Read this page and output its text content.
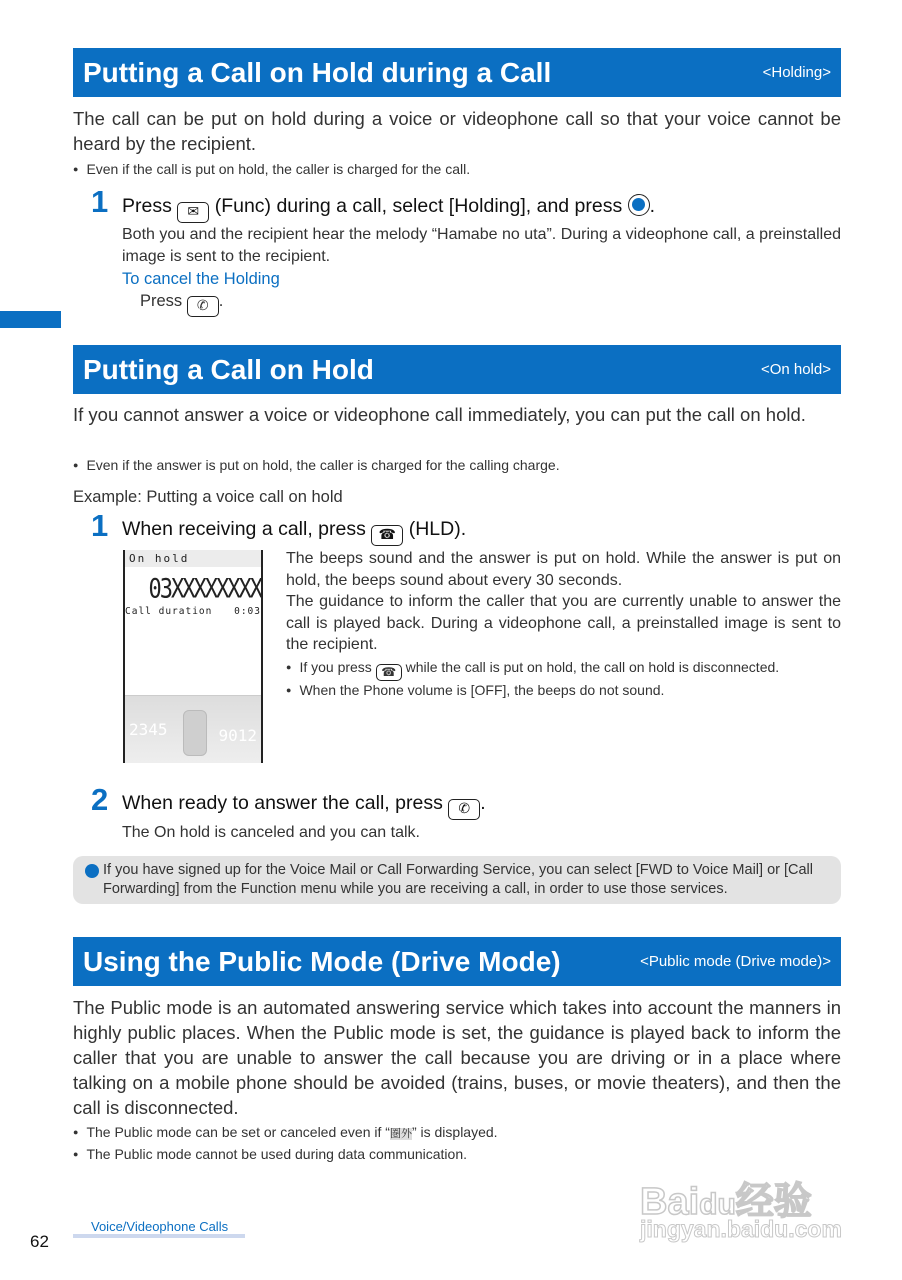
Putting a Call on Hold during a Call	<Holding>
The call can be put on hold during a voice or videophone call so that your voice cannot be heard by the recipient.
● Even if the call is put on hold, the caller is charged for the call.
1 Press ✉ (Func) during a call, select [Holding], and press .
Both you and the recipient hear the melody “Hamabe no uta”. During a videophone call, a preinstalled image is sent to the recipient.
To cancel the Holding
Press ✆ .
Putting a Call on Hold	<On hold>
If you cannot answer a voice or videophone call immediately, you can put the call on hold.
● Even if the answer is put on hold, the caller is charged for the calling charge.
Example: Putting a voice call on hold
1 When receiving a call, press ☎ (HLD).
On hold
03XXXXXXXX
Call duration 0:03
2345	9012
The beeps sound and the answer is put on hold. While the answer is put on hold, the beeps sound about every 30 seconds.
The guidance to inform the caller that you are currently unable to answer the call is played back. During a videophone call, a preinstalled image is sent to the recipient.
● If you press ☎ while the call is put on hold, the call on hold is disconnected.
● When the Phone volume is [OFF], the beeps do not sound.
2 When ready to answer the call, press ✆ .
The On hold is canceled and you can talk.
If you have signed up for the Voice Mail or Call Forwarding Service, you can select [FWD to Voice Mail] or [Call Forwarding] from the Function menu while you are receiving a call, in order to use those services.
Using the Public Mode (Drive Mode)	<Public mode (Drive mode)>
The Public mode is an automated answering service which takes into account the manners in highly public places. When the Public mode is set, the guidance is played back to inform the caller that you are unable to answer the call because you are driving or in a place where talking on a mobile phone should be avoided (trains, buses, or movie theaters), and then the call is disconnected.
● The Public mode can be set or canceled even if “圏外” is displayed.
● The Public mode cannot be used during data communication.
Voice/Videophone Calls
62
Baidu经验
jingyan.baidu.com
